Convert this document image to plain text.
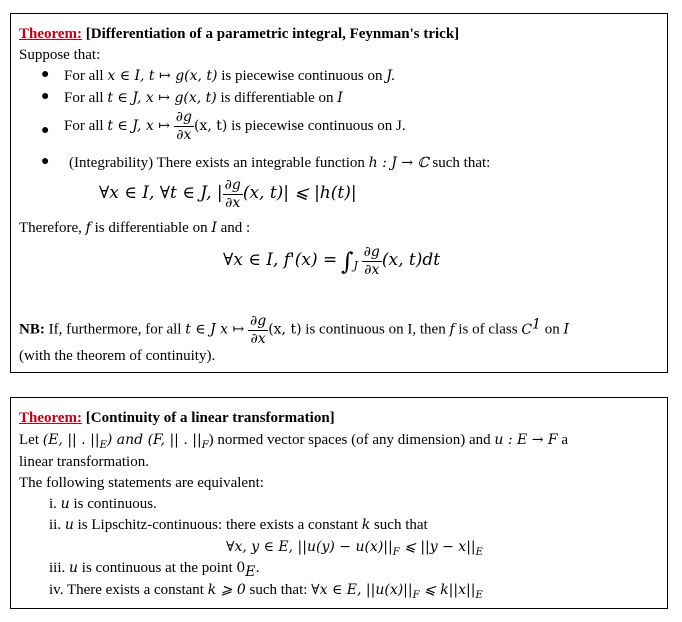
Theorem: [Differentiation of a parametric integral, Feynman's trick]
Suppose that:
● For all x ∈ I, t ↦ g(x, t) is piecewise continuous on J.
● For all t ∈ J, x ↦ g(x, t) is differentiable on I
● For all t ∈ J, x ↦ $\frac{\partial g}{\partial x} (x$, t) is piecewise continuous on J.
● (Integrability) There exists an integrable function h : J → ℂ such that:
∀x ∈ I, ∀t ∈ J, | $\frac{\partial g}{\partial x} (x$, t)| ⩽ |h(t)|
Therefore, f is differentiable on I and :
∀x ∈ I, $f'(x) = \int_J \frac{\partial g}{\partial x} (x$, t)dt
NB: If, furthermore, for all t ∈ J x ↦ $\frac{\partial g}{\partial x} (x$, t) is continuous on I, then f is of class $C^1$ on I
(with the theorem of continuity).
Theorem: [Continuity of a linear transformation]
Let (E, || . $||_E$) and (F, || . $||_F$) normed vector spaces (of any dimension) and u : E → F a
linear transformation.
The following statements are equivalent:
i. u is continuous.
ii. u is Lipschitz-continuous: there exists a constant k such that
∀x, y ∈ E, $||u(y) - u(x)||_F$ ⩽ $||y - x||_E$
iii. u is continuous at the point $0_E$.
iv. There exists a constant k ⩾ 0 such that: ∀x ∈ E, $||u(x)||_F$ ⩽ $k||x||_E$
